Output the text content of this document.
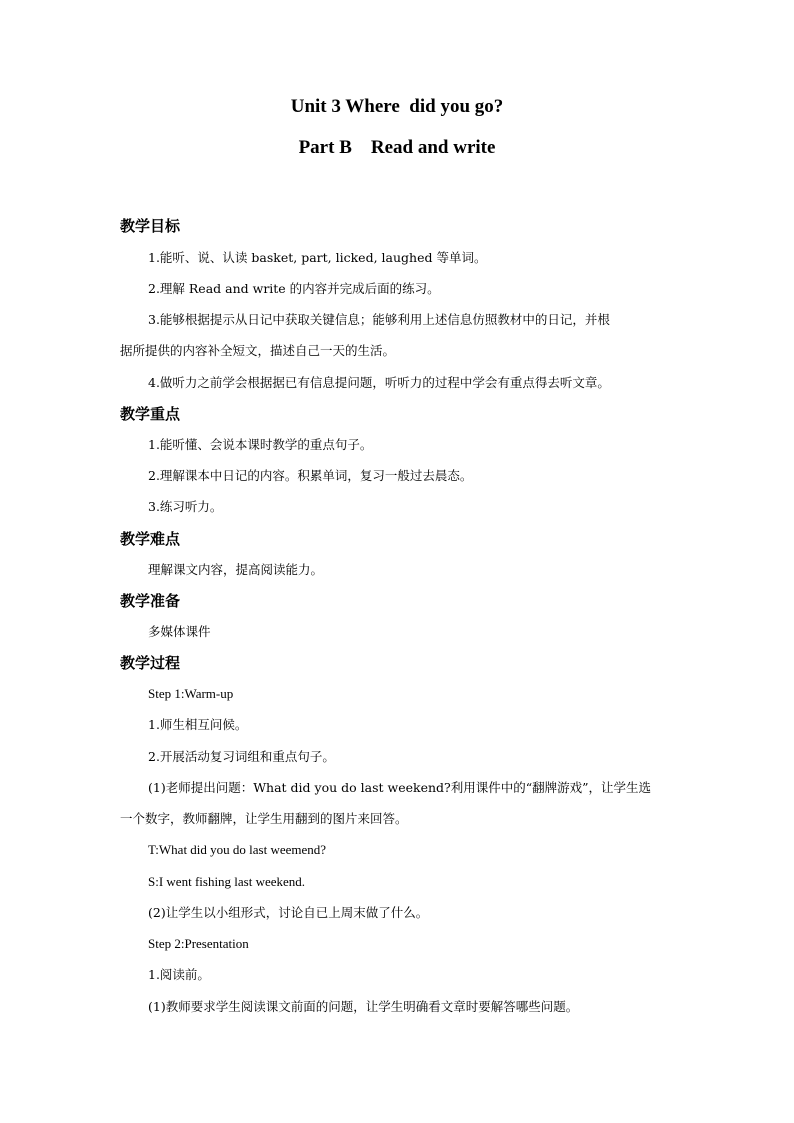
Unit 3 Where  did you go?
Part B    Read and write
教学目标
1.能听、说、认读 basket, part, licked, laughed 等单词。
2.理解 Read and write 的内容并完成后面的练习。
3.能够根据提示从日记中获取关键信息；能够利用上述信息仿照教材中的日记，并根
据所提供的内容补全短文，描述自己一天的生活。
4.做听力之前学会根据据已有信息提问题，听听力的过程中学会有重点得去听文章。
教学重点
1.能听懂、会说本课时教学的重点句子。
2.理解课本中日记的内容。积累单词，复习一般过去晨态。
3.练习听力。
教学难点
理解课文内容，提高阅读能力。
教学准备
多媒体课件
教学过程
Step 1:Warm-up
1.师生相互问候。
2.开展活动复习词组和重点句子。
(1)老师提出问题：What did you do last weekend?利用课件中的“翻牌游戏”，让学生选
一个数字，教师翻牌，让学生用翻到的图片来回答。
T:What did you do last weemend?
S:I went fishing last weekend.
(2)让学生以小组形式，讨论自已上周末做了什么。
Step 2:Presentation
1.阅读前。
(1)教师要求学生阅读课文前面的问题，让学生明确看文章时要解答哪些问题。
